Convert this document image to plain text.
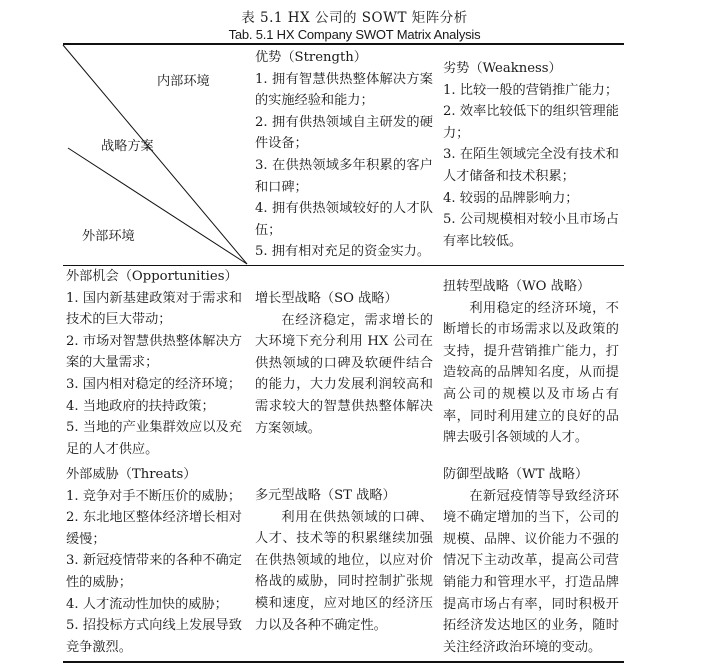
表 5.1 HX 公司的 SOWT 矩阵分析
Tab. 5.1 HX Company SWOT Matrix Analysis
内部环境
战略方案
外部环境
优势（Strength）

1. 拥有智慧供热整体解决方案的实施经验和能力；

2. 拥有供热领域自主研发的硬件设备；

3. 在供热领域多年积累的客户和口碑；

4. 拥有供热领域较好的人才队伍；

5. 拥有相对充足的资金实力。

劣势（Weakness）

1. 比较一般的营销推广能力；

2. 效率比较低下的组织管理能力；

3. 在陌生领域完全没有技术和人才储备和技术积累；

4. 较弱的品牌影响力；

5. 公司规模相对较小且市场占有率比较低。

外部机会（Opportunities）

1. 国内新基建政策对于需求和技术的巨大带动；

2. 市场对智慧供热整体解决方案的大量需求；

3. 国内相对稳定的经济环境；

4. 当地政府的扶持政策；

5. 当地的产业集群效应以及充足的人才供应。

外部威胁（Threats）

1. 竞争对手不断压价的威胁；

2. 东北地区整体经济增长相对缓慢；

3. 新冠疫情带来的各种不确定性的威胁；

4. 人才流动性加快的威胁；

5. 招投标方式向线上发展导致竞争激烈。

增长型战略（SO 战略）

在经济稳定，需求增长的大环境下充分利用 HX 公司在供热领域的口碑及软硬件结合的能力，大力发展利润较高和需求较大的智慧供热整体解决方案领域。

扭转型战略（WO 战略）

利用稳定的经济环境，不断增长的市场需求以及政策的支持，提升营销推广能力，打造较高的品牌知名度，从而提高公司的规模以及市场占有率，同时利用建立的良好的品牌去吸引各领域的人才。

多元型战略（ST 战略）

利用在供热领域的口碑、人才、技术等的积累继续加强在供热领域的地位，以应对价格战的威胁，同时控制扩张规模和速度，应对地区的经济压力以及各种不确定性。

防御型战略（WT 战略）

在新冠疫情等导致经济环境不确定增加的当下，公司的规模、品牌、议价能力不强的情况下主动改革，提高公司营销能力和管理水平，打造品牌提高市场占有率，同时积极开拓经济发达地区的业务，随时关注经济政治环境的变动。
